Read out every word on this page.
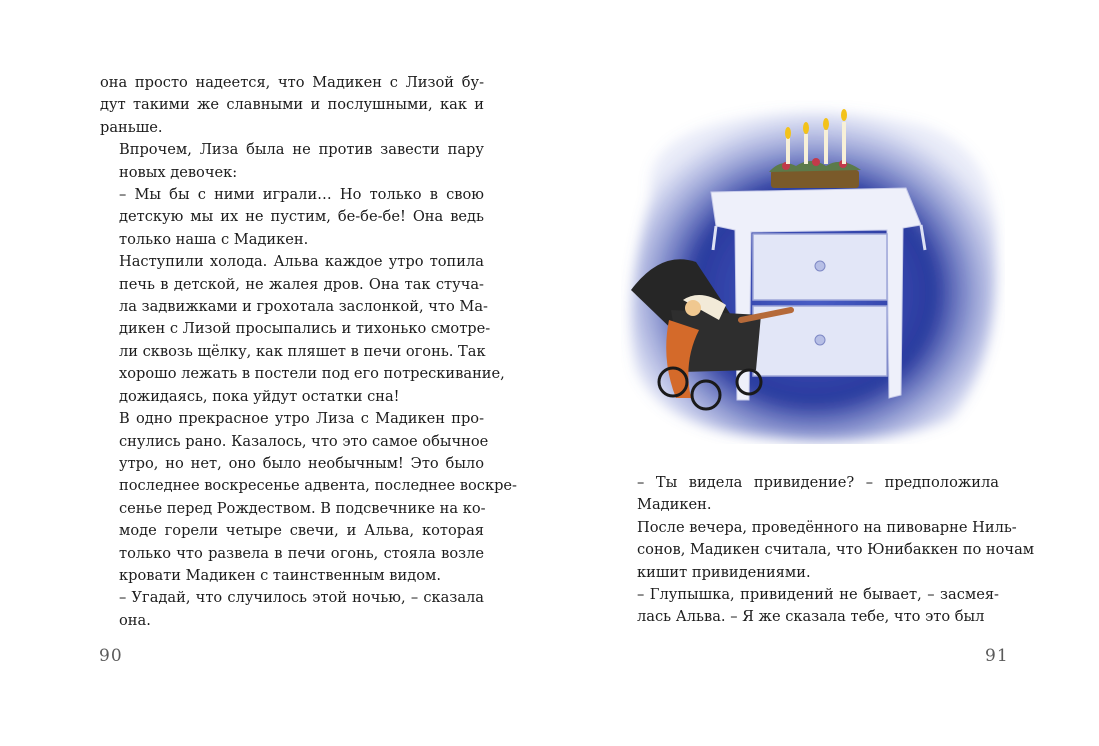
она просто надеется, что Мадикен с Лизой бу-
дут такими же славными и послушными, как и
раньше.

Впрочем, Лиза была не против завести пару
новых девочек:

– Мы бы с ними играли… Но только в свою
детскую мы их не пустим, бе-бе-бе! Она ведь
только наша с Мадикен.

Наступили холода. Альва каждое утро топила
печь в детской, не жалея дров. Она так стуча-
ла задвижками и грохотала заслонкой, что Ма-
дикен с Лизой просыпались и тихонько смотре-
ли сквозь щёлку, как пляшет в печи огонь. Так
хорошо лежать в постели под его потрескивание,
дожидаясь, пока уйдут остатки сна!

В одно прекрасное утро Лиза с Мадикен про-
снулись рано. Казалось, что это самое обычное
утро, но нет, оно было необычным! Это было
последнее воскресенье адвента, последнее воскре-
сенье перед Рождеством. В подсвечнике на ко-
моде горели четыре свечи, и Альва, которая
только что развела в печи огонь, стояла возле
кровати Мадикен с таинственным видом.

– Угадай, что случилось этой ночью, – сказала
она.

90

– Ты видела привидение? – предположила
Мадикен.

После вечера, проведённого на пивоварне Ниль-
сонов, Мадикен считала, что Юнибаккен по ночам
кишит привидениями.

– Глупышка, привидений не бывает, – засмея-
лась Альва. – Я же сказала тебе, что это был

91
